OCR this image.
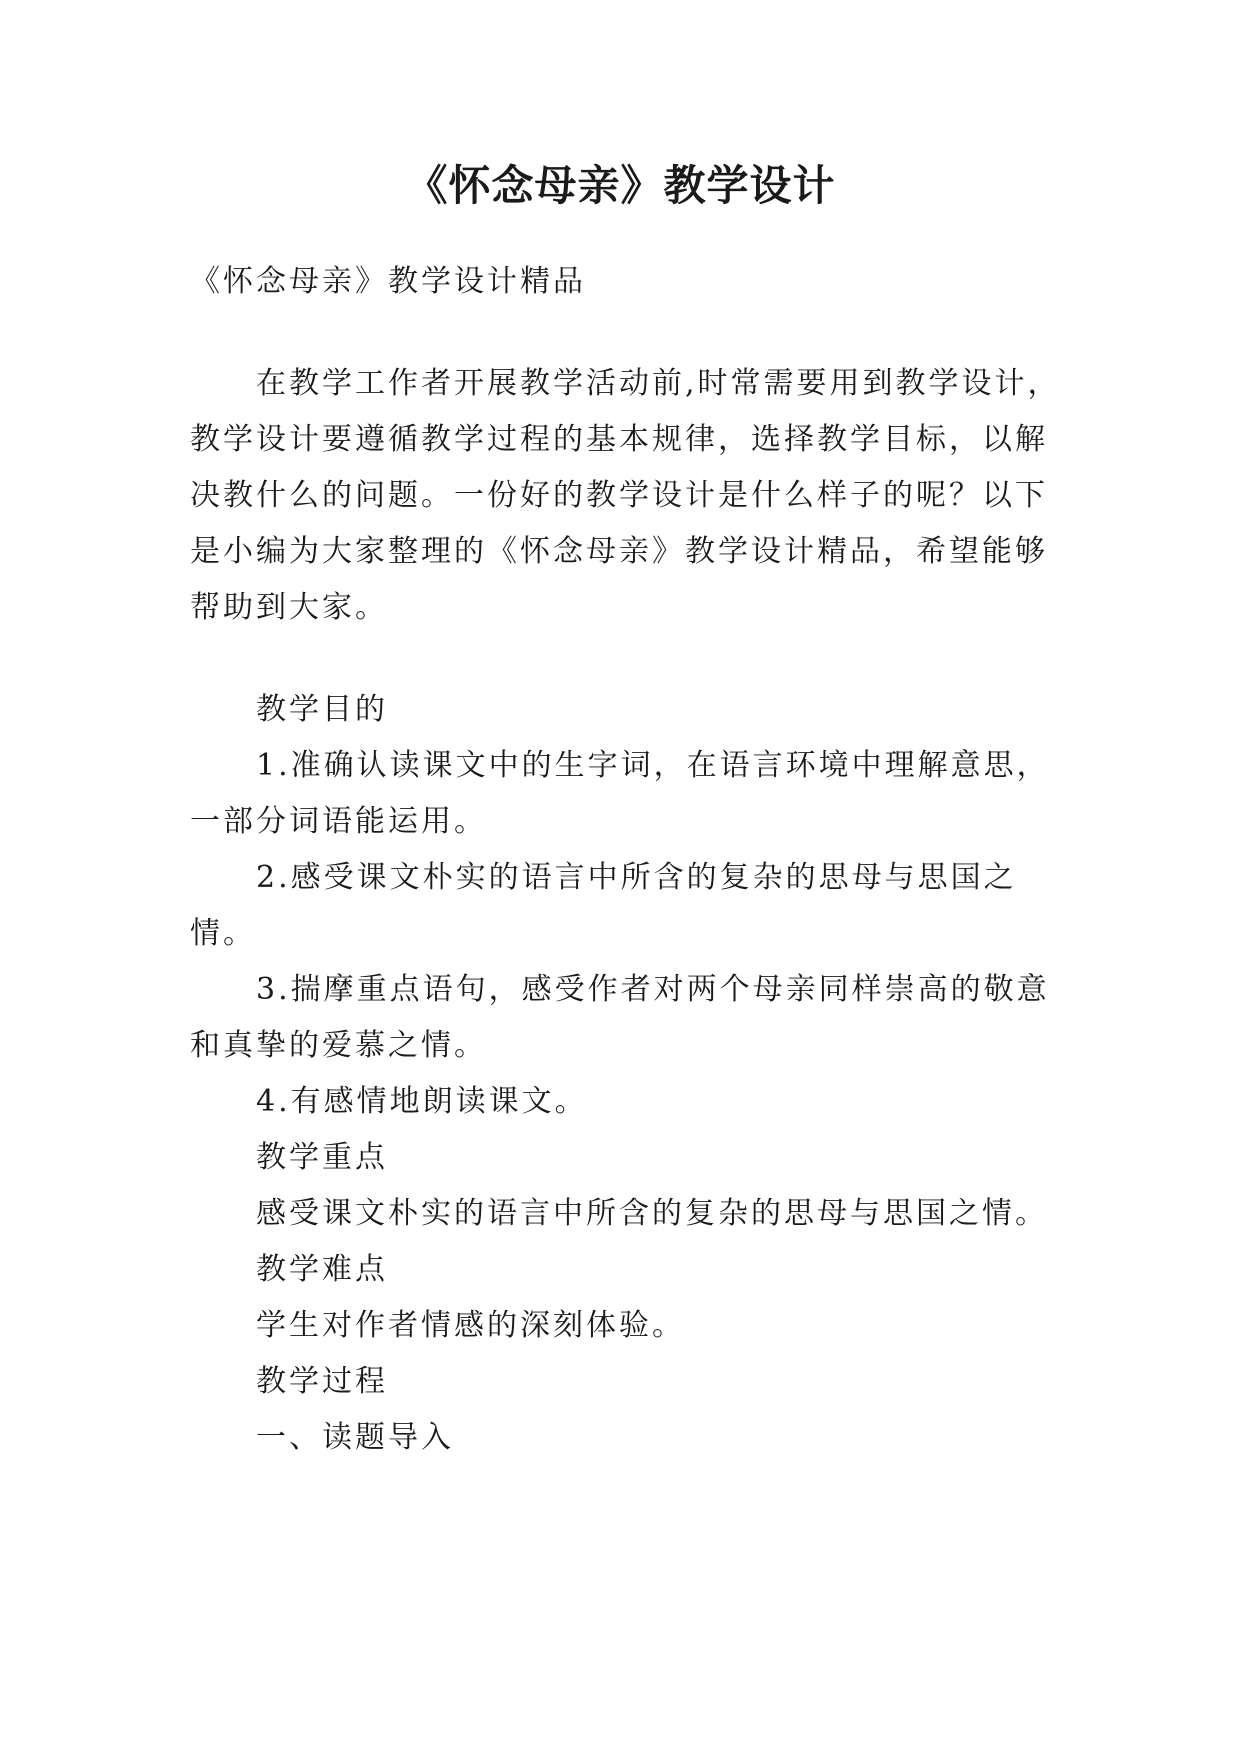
《怀念母亲》教学设计
《怀念母亲》教学设计精品
在教学工作者开展教学活动前,时常需要用到教学设计，
教学设计要遵循教学过程的基本规律，选择教学目标，以解
决教什么的问题。一份好的教学设计是什么样子的呢？以下
是小编为大家整理的《怀念母亲》教学设计精品，希望能够
帮助到大家。
教学目的
1.准确认读课文中的生字词，在语言环境中理解意思，
一部分词语能运用。
2.感受课文朴实的语言中所含的复杂的思母与思国之
情。
3.揣摩重点语句，感受作者对两个母亲同样崇高的敬意
和真挚的爱慕之情。
4.有感情地朗读课文。
教学重点
感受课文朴实的语言中所含的复杂的思母与思国之情。
教学难点
学生对作者情感的深刻体验。
教学过程
一、读题导入
